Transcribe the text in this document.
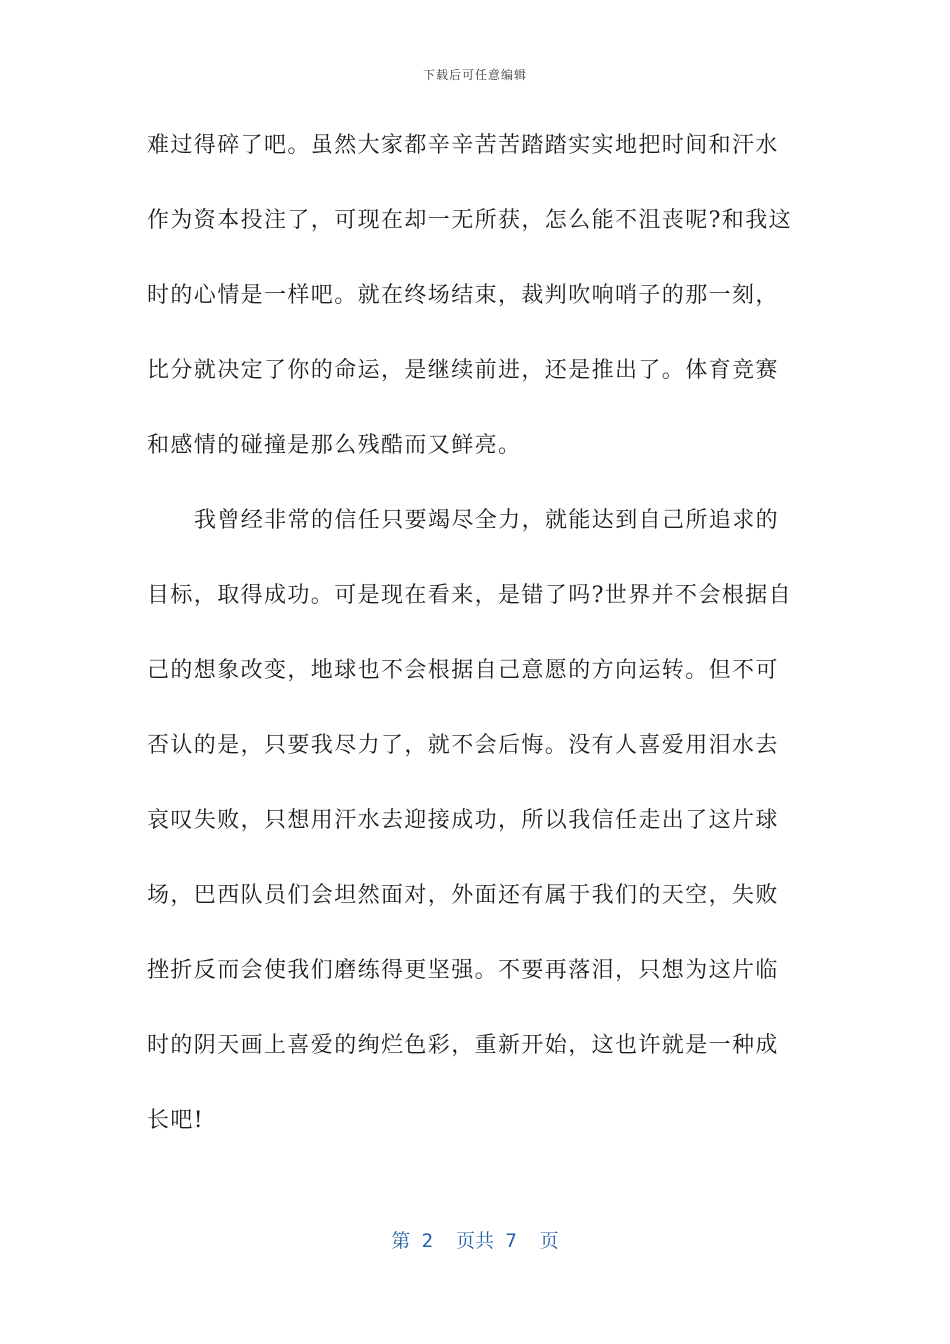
下载后可任意编辑
难过得碎了吧。虽然大家都辛辛苦苦踏踏实实地把时间和汗水
作为资本投注了，可现在却一无所获，怎么能不沮丧呢?和我这
时的心情是一样吧。就在终场结束，裁判吹响哨子的那一刻，
比分就决定了你的命运，是继续前进，还是推出了。体育竞赛
和感情的碰撞是那么残酷而又鲜亮。
我曾经非常的信任只要竭尽全力，就能达到自己所追求的
目标，取得成功。可是现在看来，是错了吗?世界并不会根据自
己的想象改变，地球也不会根据自己意愿的方向运转。但不可
否认的是，只要我尽力了，就不会后悔。没有人喜爱用泪水去
哀叹失败，只想用汗水去迎接成功，所以我信任走出了这片球
场，巴西队员们会坦然面对，外面还有属于我们的天空，失败
挫折反而会使我们磨练得更坚强。不要再落泪，只想为这片临
时的阴天画上喜爱的绚烂色彩，重新开始，这也许就是一种成
长吧!
第 2  页共 7  页
